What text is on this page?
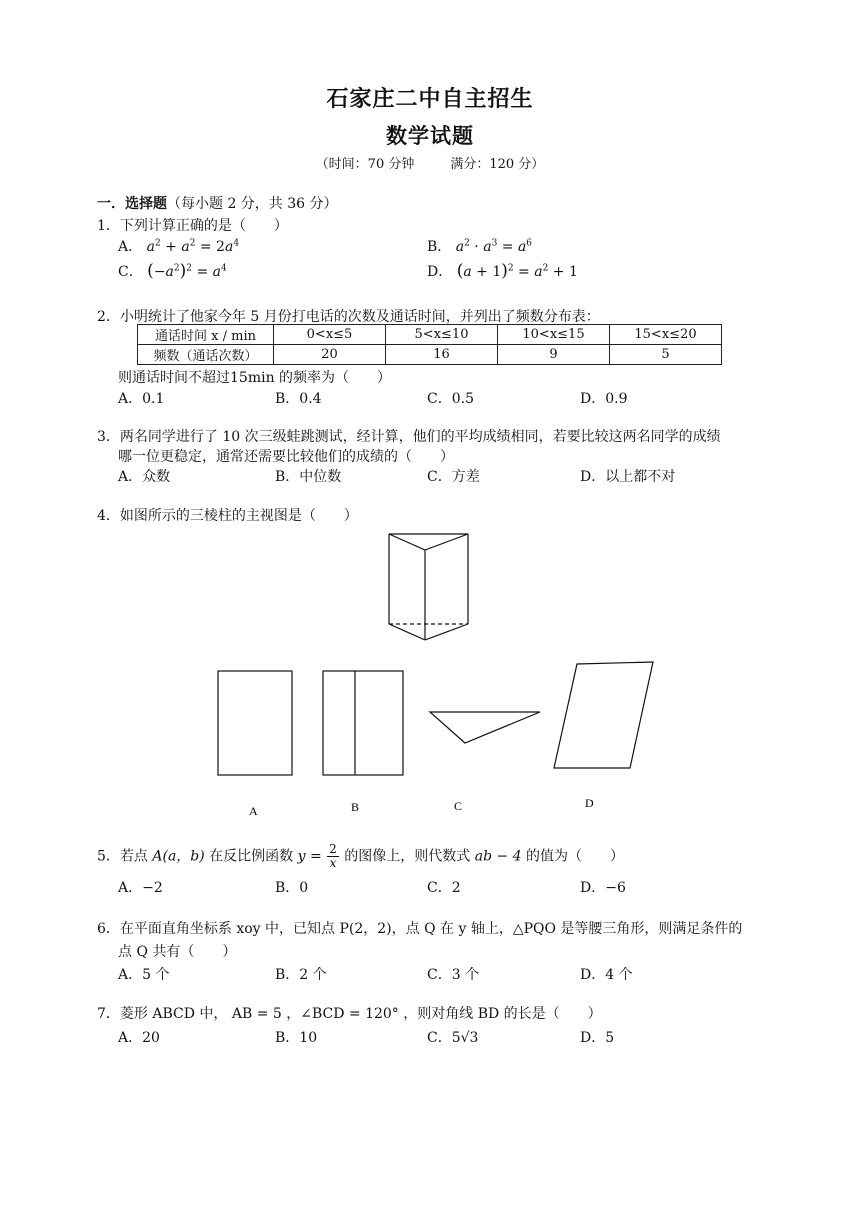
石家庄二中自主招生
数学试题
（时间：70 分钟	满分：120 分）
一．选择题（每小题 2 分，共 36 分）
1．下列计算正确的是（　　）
A． $a^2 + a^2 = 2a^4$	B． $a^2 \cdot a^3 = a^6$
C． $(-a^2)^2 = a^4$	D． $(a + 1)^2 = a^2 + 1$
2．小明统计了他家今年 5 月份打电话的次数及通话时间，并列出了频数分布表：
通话时间 x / min	0<x≤5	5<x≤10	10<x≤15	15<x≤20
频数（通话次数）	20	16	9	5
则通话时间不超过15min 的频率为（　　）
A．0.1	B．0.4	C．0.5	D．0.9
3．两名同学进行了 10 次三级蛙跳测试，经计算，他们的平均成绩相同，若要比较这两名同学的成绩
哪一位更稳定，通常还需要比较他们的成绩的（　　）
A．众数	B．中位数	C．方差	D．以上都不对
4．如图所示的三棱柱的主视图是（　　）
A	B	C	D
5．若点 A(a，b) 在反比例函数 $y = \frac{2}{x}$ 的图像上，则代数式 ab − 4 的值为（　　）
A．−2	B．0	C．2	D．−6
6．在平面直角坐标系 xoy 中，已知点 P(2，2)，点 Q 在 y 轴上，△PQO 是等腰三角形，则满足条件的
点 Q 共有（　　）
A．5 个	B．2 个	C．3 个	D．4 个
7．菱形 ABCD 中， AB = 5 ，∠BCD = 120° ，则对角线 BD 的长是（　　）
A．20	B．10	C．5√3	D．5
